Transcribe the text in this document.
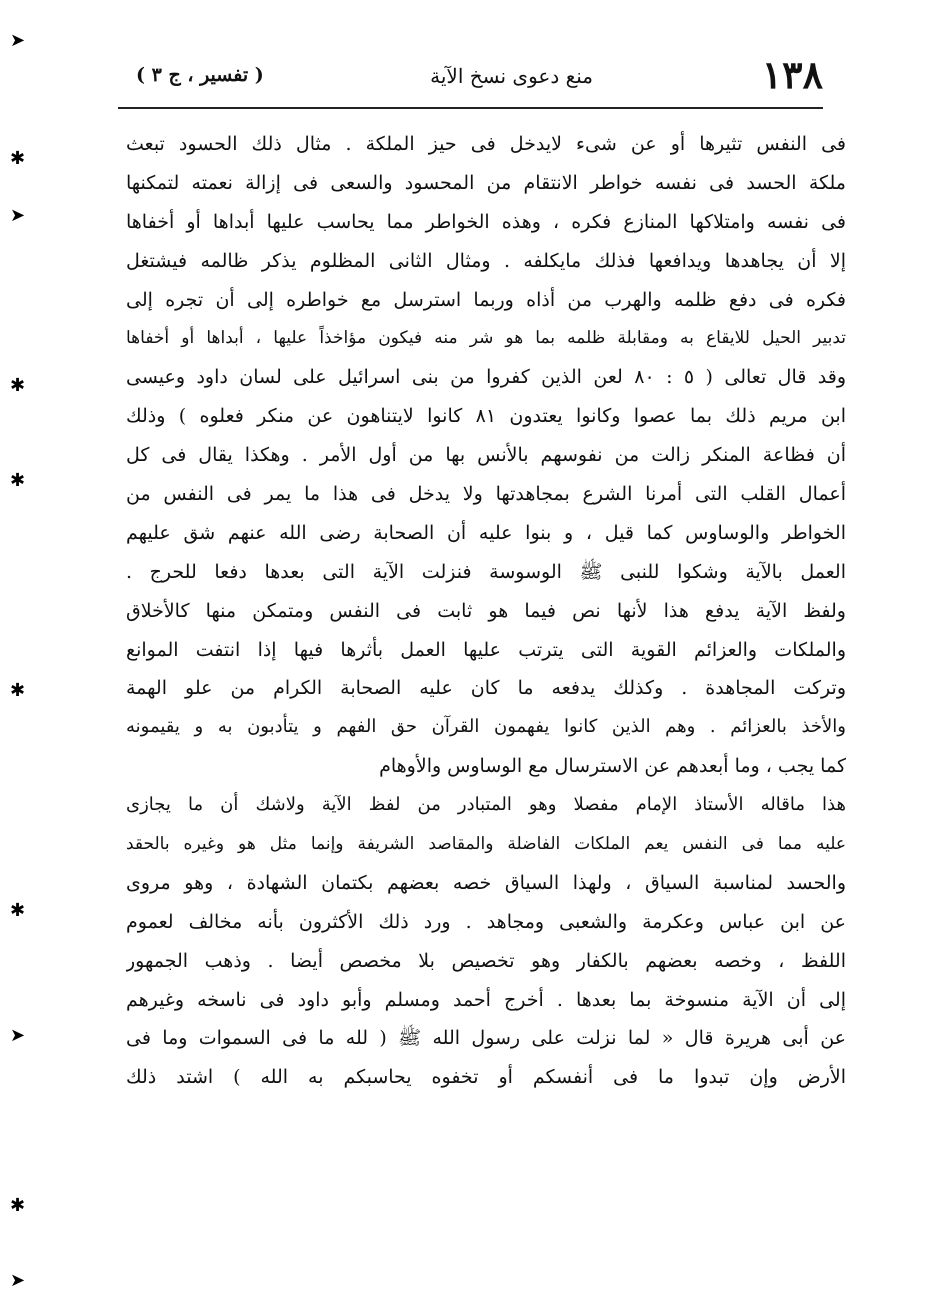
١٣٨
منع دعوى نسخ الآية
( تفسير ، ج ٣ )
فى النفس تثيرها أو عن شىء لايدخل فى حيز الملكة . مثال ذلك الحسود تبعث
ملكة الحسد فى نفسه خواطر الانتقام من المحسود والسعى فى إزالة نعمته لتمكنها
فى نفسه وامتلاكها المنازع فكره ، وهذه الخواطر مما يحاسب عليها أبداها أو أخفاها
إلا أن يجاهدها ويدافعها فذلك مايكلفه . ومثال الثانى المظلوم يذكر ظالمه فيشتغل
فكره فى دفع ظلمه والهرب من أذاه وربما استرسل مع خواطره إلى أن تجره إلى
تدبير الحيل للايقاع به ومقابلة ظلمه بما هو شر منه فيكون مؤاخذاً عليها ، أبداها أو أخفاها
وقد قال تعالى ( ٥ : ٨٠ لعن الذين كفروا من بنى اسرائيل على لسان داود وعيسى
ابن مريم ذلك بما عصوا وكانوا يعتدون ٨١ كانوا لايتناهون عن منكر فعلوه ) وذلك
أن فظاعة المنكر زالت من نفوسهم بالأنس بها من أول الأمر . وهكذا يقال فى كل
أعمال القلب التى أمرنا الشرع بمجاهدتها ولا يدخل فى هذا ما يمر فى النفس من
الخواطر والوساوس كما قيل ، و بنوا عليه أن الصحابة رضى الله عنهم شق عليهم
العمل بالآية وشكوا للنبى ﷺ الوسوسة فنزلت الآية التى بعدها دفعا للحرج .
ولفظ الآية يدفع هذا لأنها نص فيما هو ثابت فى النفس ومتمكن منها كالأخلاق
والملكات والعزائم القوية التى يترتب عليها العمل بأثرها فيها إذا انتفت الموانع
وتركت المجاهدة . وكذلك يدفعه ما كان عليه الصحابة الكرام من علو الهمة
والأخذ بالعزائم . وهم الذين كانوا يفهمون القرآن حق الفهم و يتأدبون به و يقيمونه
كما يجب ، وما أبعدهم عن الاسترسال مع الوساوس والأوهام
هذا ماقاله الأستاذ الإمام مفصلا وهو المتبادر من لفظ الآية ولاشك أن ما يجازى
عليه مما فى النفس يعم الملكات الفاضلة والمقاصد الشريفة وإنما مثل هو وغيره بالحقد
والحسد لمناسبة السياق ، ولهذا السياق خصه بعضهم بكتمان الشهادة ، وهو مروى
عن ابن عباس وعكرمة والشعبى ومجاهد . ورد ذلك الأكثرون بأنه مخالف لعموم
اللفظ ، وخصه بعضهم بالكفار وهو تخصيص بلا مخصص أيضا . وذهب الجمهور
إلى أن الآية منسوخة بما بعدها . أخرج أحمد ومسلم وأبو داود فى ناسخه وغيرهم
عن أبى هريرة قال « لما نزلت على رسول الله ﷺ ( لله ما فى السموات وما فى
الأرض وإن تبدوا ما فى أنفسكم أو تخفوه يحاسبكم به الله ) اشتد ذلك
➤
✱
➤
✱
✱
✱
✱
➤
✱
➤
